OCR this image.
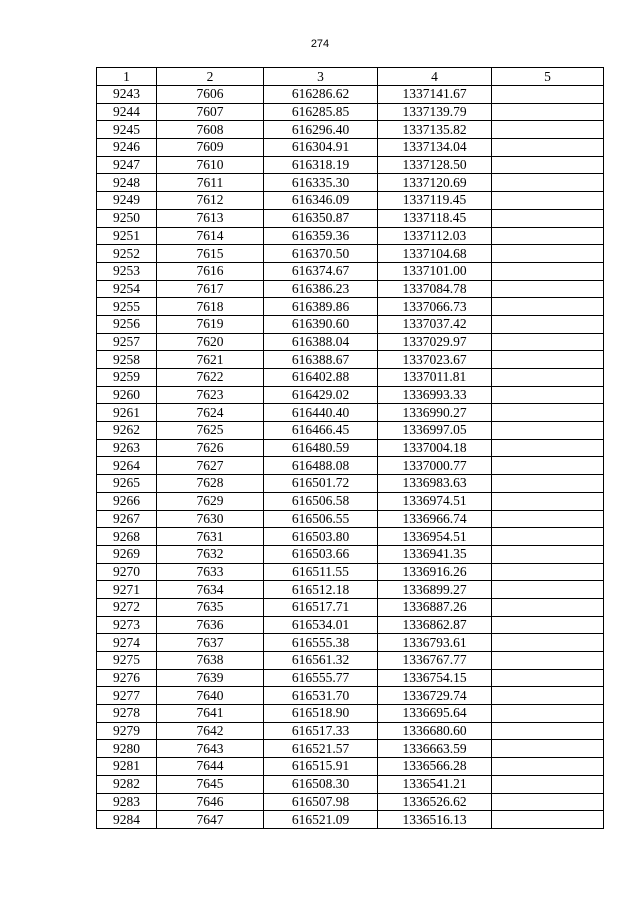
274
1	2	3	4	5
9243	7606	616286.62	1337141.67	
9244	7607	616285.85	1337139.79	
9245	7608	616296.40	1337135.82	
9246	7609	616304.91	1337134.04	
9247	7610	616318.19	1337128.50	
9248	7611	616335.30	1337120.69	
9249	7612	616346.09	1337119.45	
9250	7613	616350.87	1337118.45	
9251	7614	616359.36	1337112.03	
9252	7615	616370.50	1337104.68	
9253	7616	616374.67	1337101.00	
9254	7617	616386.23	1337084.78	
9255	7618	616389.86	1337066.73	
9256	7619	616390.60	1337037.42	
9257	7620	616388.04	1337029.97	
9258	7621	616388.67	1337023.67	
9259	7622	616402.88	1337011.81	
9260	7623	616429.02	1336993.33	
9261	7624	616440.40	1336990.27	
9262	7625	616466.45	1336997.05	
9263	7626	616480.59	1337004.18	
9264	7627	616488.08	1337000.77	
9265	7628	616501.72	1336983.63	
9266	7629	616506.58	1336974.51	
9267	7630	616506.55	1336966.74	
9268	7631	616503.80	1336954.51	
9269	7632	616503.66	1336941.35	
9270	7633	616511.55	1336916.26	
9271	7634	616512.18	1336899.27	
9272	7635	616517.71	1336887.26	
9273	7636	616534.01	1336862.87	
9274	7637	616555.38	1336793.61	
9275	7638	616561.32	1336767.77	
9276	7639	616555.77	1336754.15	
9277	7640	616531.70	1336729.74	
9278	7641	616518.90	1336695.64	
9279	7642	616517.33	1336680.60	
9280	7643	616521.57	1336663.59	
9281	7644	616515.91	1336566.28	
9282	7645	616508.30	1336541.21	
9283	7646	616507.98	1336526.62	
9284	7647	616521.09	1336516.13	
